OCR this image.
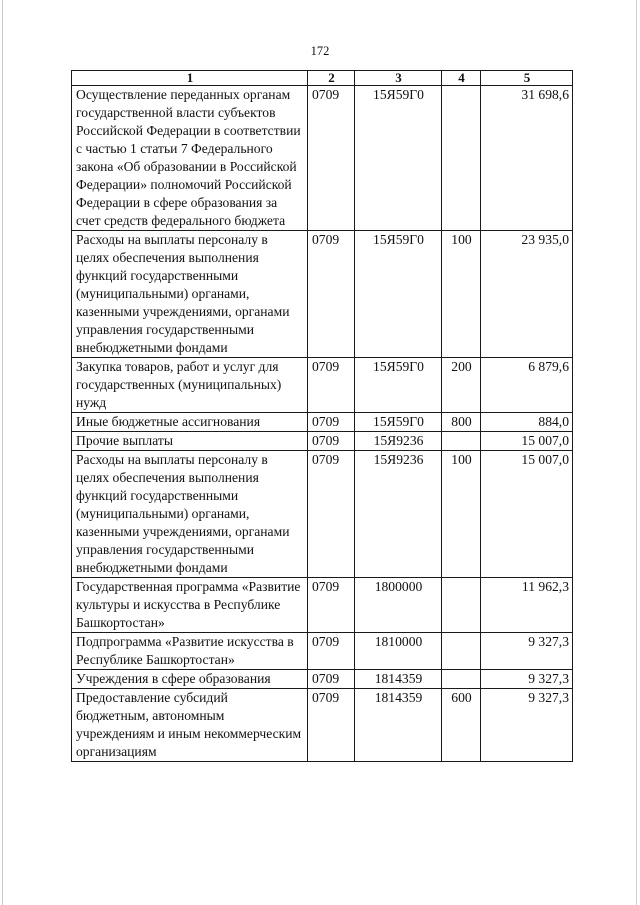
172
1	2	3	4	5
Осуществление переданных органам государственной власти субъектов Российской Федерации в соответствии с частью 1 статьи 7 Федерального закона «Об образовании в Российской Федерации» полномочий Российской Федерации в сфере образования за счет средств федерального бюджета	0709	15Я59Г0		31 698,6
Расходы на выплаты персоналу в целях обеспечения выполнения функций государственными (муниципальными) органами, казенными учреждениями, органами управления государственными внебюджетными фондами	0709	15Я59Г0	100	23 935,0
Закупка товаров, работ и услуг для государственных (муниципальных) нужд	0709	15Я59Г0	200	6 879,6
Иные бюджетные ассигнования	0709	15Я59Г0	800	884,0
Прочие выплаты	0709	15Я9236		15 007,0
Расходы на выплаты персоналу в целях обеспечения выполнения функций государственными (муниципальными) органами, казенными учреждениями, органами управления государственными внебюджетными фондами	0709	15Я9236	100	15 007,0
Государственная программа «Развитие культуры и искусства в Республике Башкортостан»	0709	1800000		11 962,3
Подпрограмма «Развитие искусства в Республике Башкортостан»	0709	1810000		9 327,3
Учреждения в сфере образования	0709	1814359		9 327,3
Предоставление субсидий бюджетным, автономным учреждениям и иным некоммерческим организациям	0709	1814359	600	9 327,3
